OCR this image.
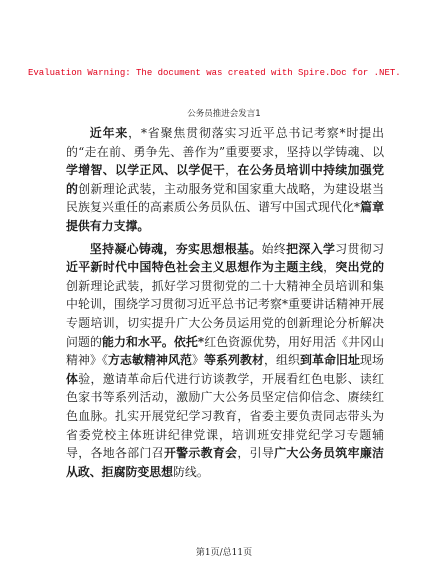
Evaluation Warning: The document was created with Spire.Doc for .NET.
公务员推进会发言1

近年来，*省聚焦贯彻落实习近平总书记考察*时提出的“走在前、勇争先、善作为”重要要求，坚持以学铸魂、以学增智、以学正风、以学促干，在公务员培训中持续加强党的创新理论武装，主动服务党和国家重大战略，为建设堪当民族复兴重任的高素质公务员队伍、谱写中国式现代化*篇章提供有力支撑。

坚持凝心铸魂，夯实思想根基。始终把深入学习贯彻习近平新时代中国特色社会主义思想作为主题主线，突出党的创新理论武装，抓好学习贯彻党的二十大精神全员培训和集中轮训，围绕学习贯彻习近平总书记考察*重要讲话精神开展专题培训，切实提升广大公务员运用党的创新理论分析解决问题的能力和水平。依托*红色资源优势，用好用活《井冈山精神》《方志敏精神风范》等系列教材，组织到革命旧址现场体验，邀请革命后代进行访谈教学，开展看红色电影、读红色家书等系列活动，激励广大公务员坚定信仰信念、赓续红色血脉。扎实开展党纪学习教育，省委主要负责同志带头为省委党校主体班讲纪律党课，培训班安排党纪学习专题辅导，各地各部门召开警示教育会，引导广大公务员筑牢廉洁从政、拒腐防变思想防线。

第1页/总11页
